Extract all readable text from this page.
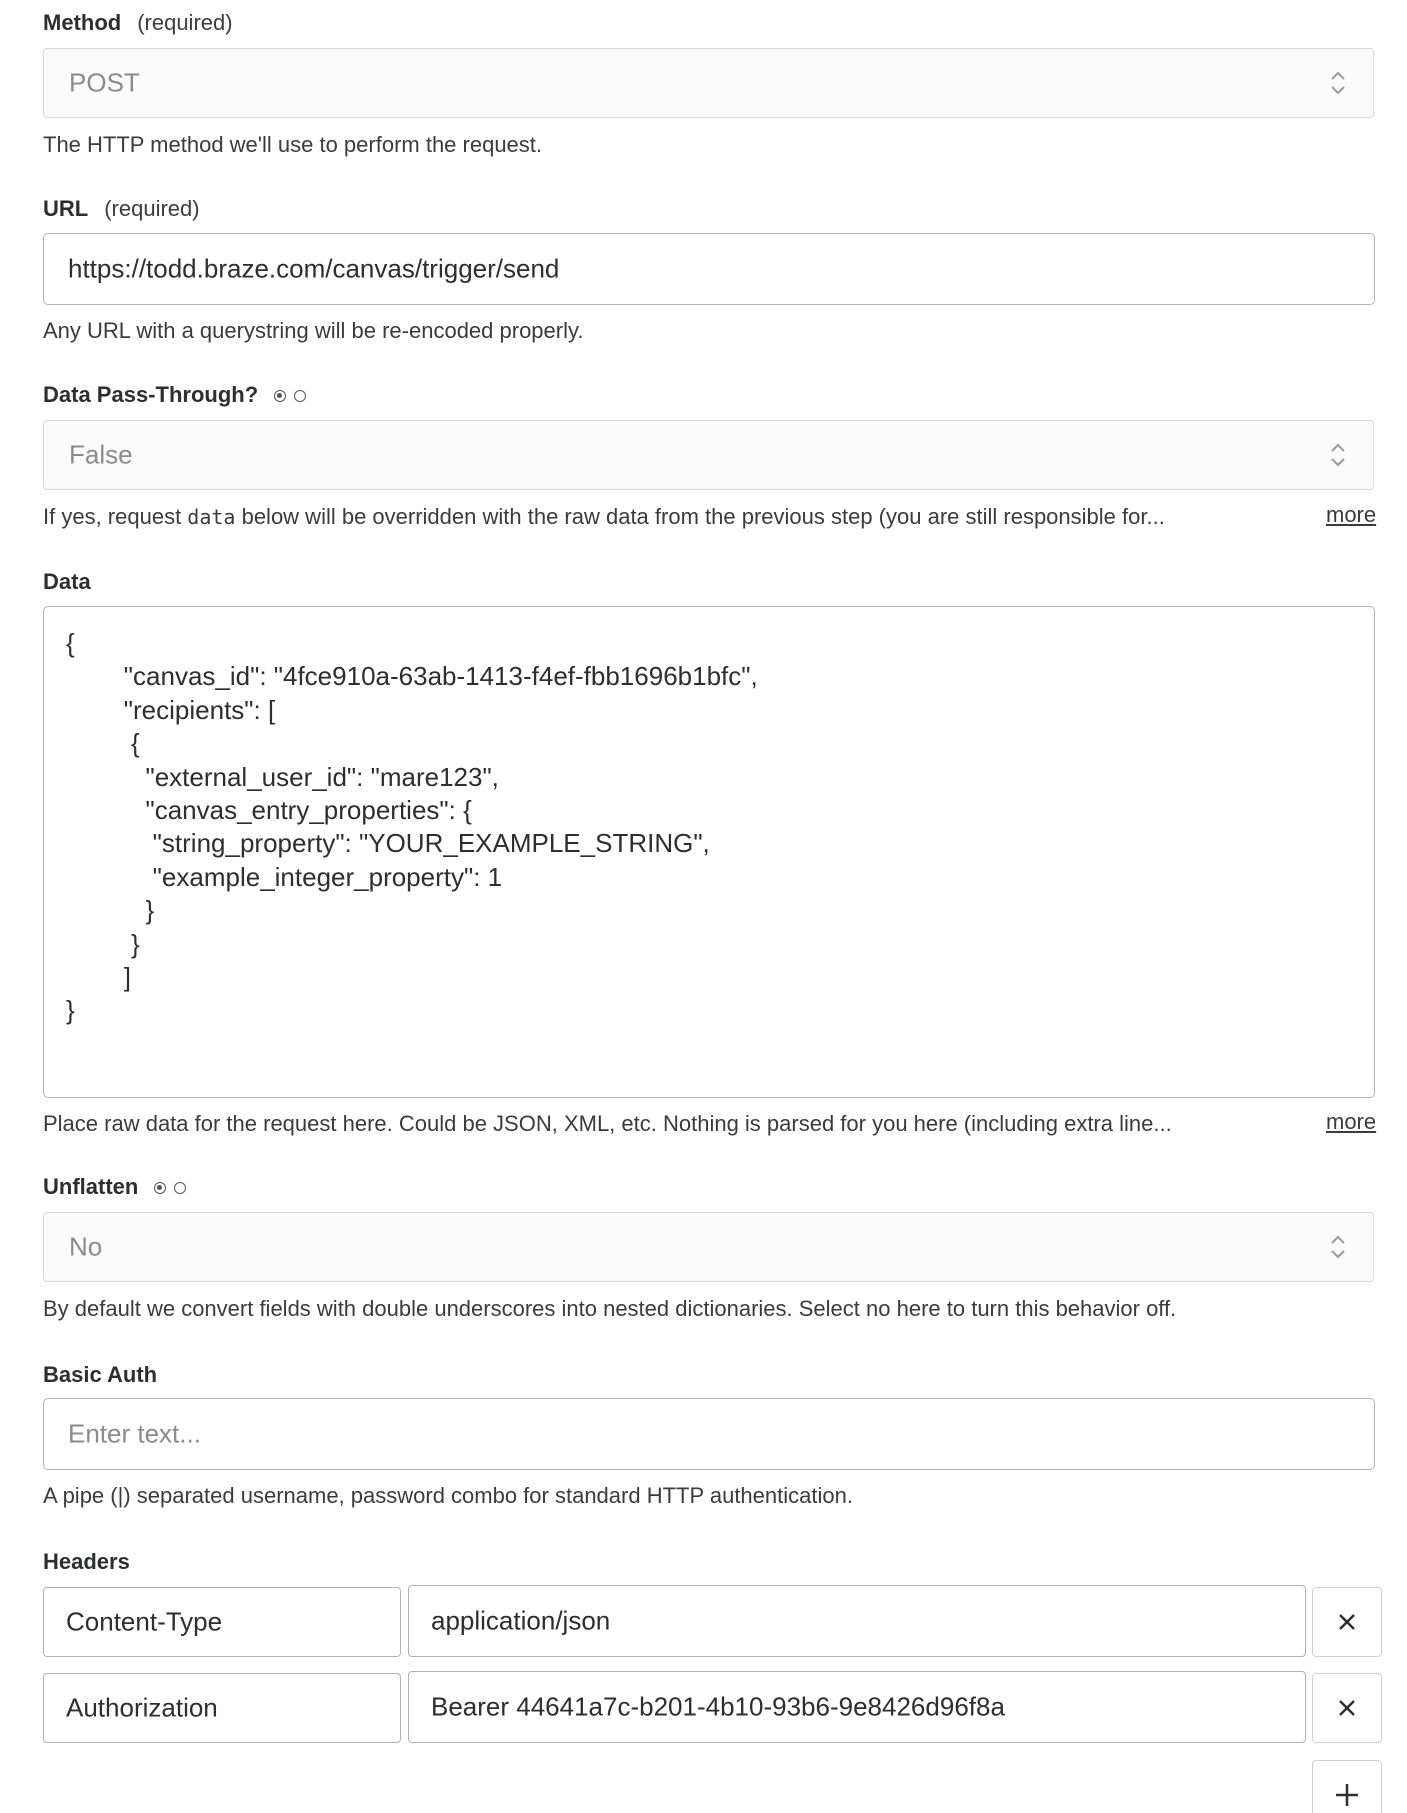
Method (required)
POST
The HTTP method we'll use to perform the request.
URL (required)
https://todd.braze.com/canvas/trigger/send
Any URL with a querystring will be re-encoded properly.
Data Pass-Through?
False
If yes, request data below will be overridden with the raw data from the previous step (you are still responsible for...	more
Data
{
"canvas_id": "4fce910a-63ab-1413-f4ef-fbb1696b1bfc",
"recipients": [
{
"external_user_id": "mare123",
"canvas_entry_properties": {
"string_property": "YOUR_EXAMPLE_STRING",
"example_integer_property": 1
}
}
]
}
Place raw data for the request here. Could be JSON, XML, etc. Nothing is parsed for you here (including extra line...	more
Unflatten
No
By default we convert fields with double underscores into nested dictionaries. Select no here to turn this behavior off.
Basic Auth
Enter text...
A pipe (|) separated username, password combo for standard HTTP authentication.
Headers
Content-Type	application/json
Authorization	Bearer 44641a7c-b201-4b10-93b6-9e8426d96f8a
